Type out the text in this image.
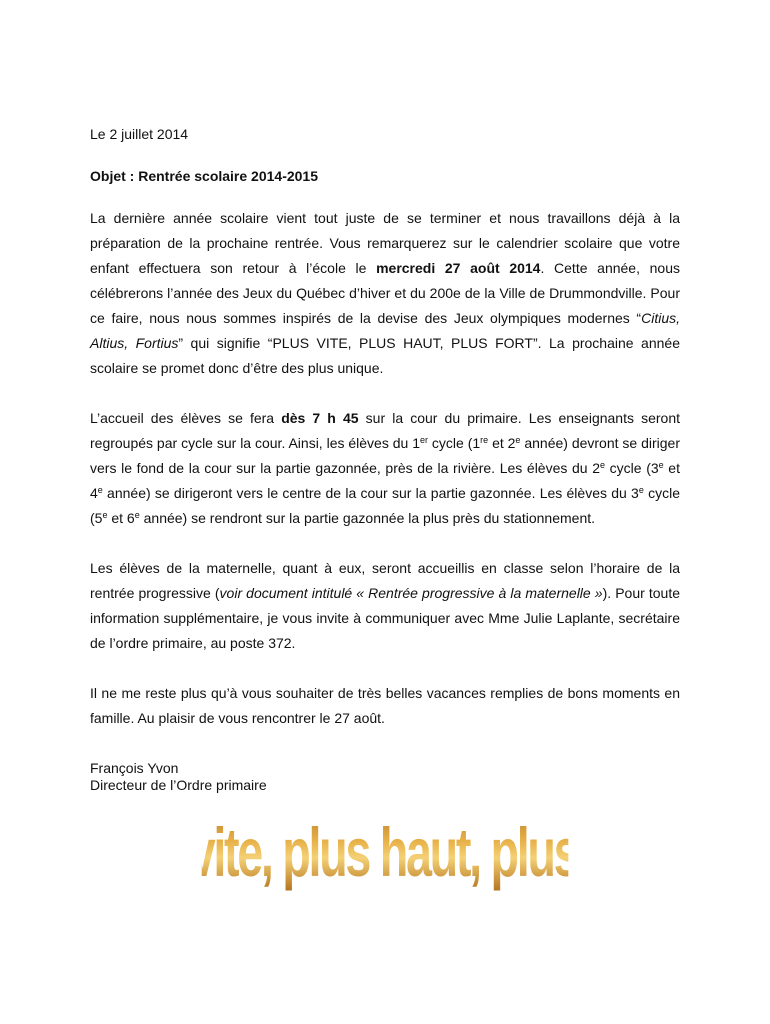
Le 2 juillet 2014
Objet : Rentrée scolaire 2014-2015
La dernière année scolaire vient tout juste de se terminer et nous travaillons déjà à la préparation de la prochaine rentrée. Vous remarquerez sur le calendrier scolaire que votre enfant effectuera son retour à l’école le mercredi 27 août 2014. Cette année, nous célébrerons l’année des Jeux du Québec d’hiver et du 200e de la Ville de Drummondville. Pour ce faire, nous nous sommes inspirés de la devise des Jeux olympiques modernes “Citius, Altius, Fortius” qui signifie “PLUS VITE, PLUS HAUT, PLUS FORT”. La prochaine année scolaire se promet donc d’être des plus unique.
L’accueil des élèves se fera dès 7 h 45 sur la cour du primaire. Les enseignants seront regroupés par cycle sur la cour. Ainsi, les élèves du 1er cycle (1re et 2e année) devront se diriger vers le fond de la cour sur la partie gazonnée, près de la rivière. Les élèves du 2e cycle (3e et 4e année) se dirigeront vers le centre de la cour sur la partie gazonnée. Les élèves du 3e cycle (5e et 6e année) se rendront sur la partie gazonnée la plus près du stationnement.
Les élèves de la maternelle, quant à eux, seront accueillis en classe selon l’horaire de la rentrée progressive (voir document intitulé « Rentrée progressive à la maternelle »). Pour toute information supplémentaire, je vous invite à communiquer avec Mme Julie Laplante, secrétaire de l’ordre primaire, au poste 372.
Il ne me reste plus qu’à vous souhaiter de très belles vacances remplies de bons moments en famille. Au plaisir de vous rencontrer le 27 août.
François Yvon
Directeur de l’Ordre primaire
Plus vite, plus haut, plus fort !
